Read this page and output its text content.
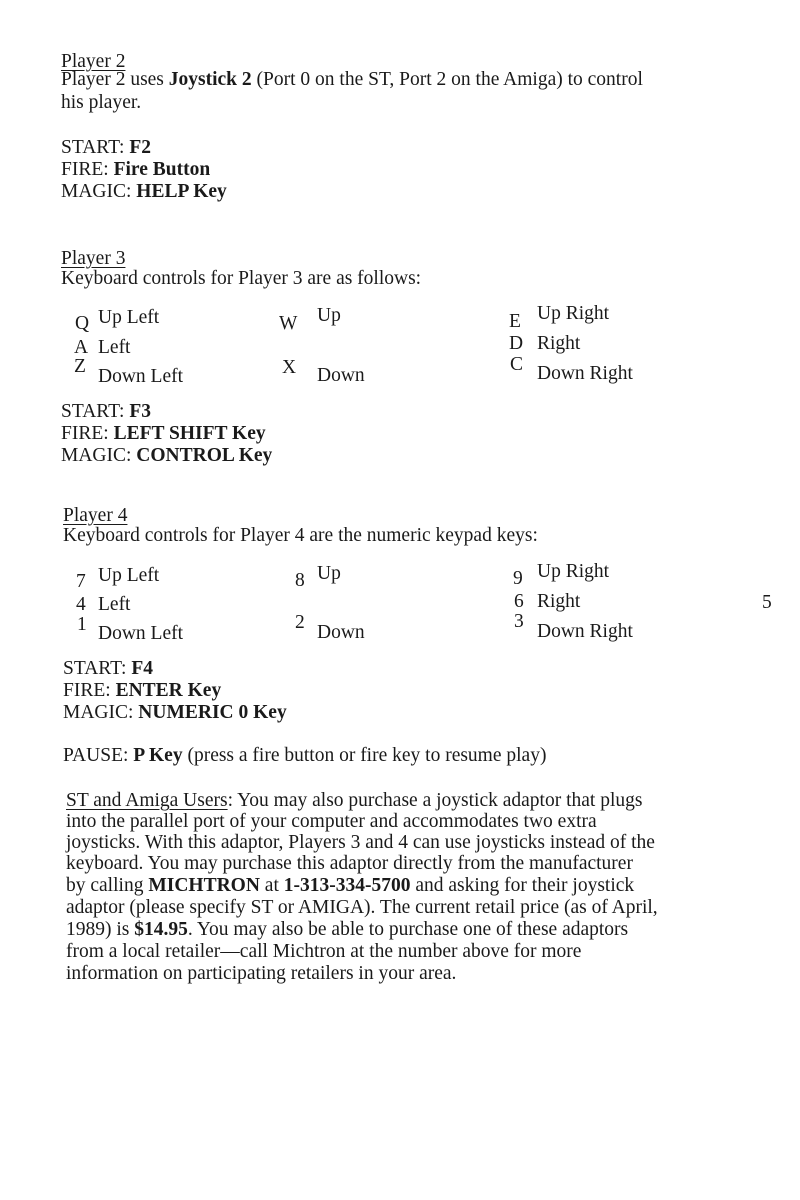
Player 2
Player 2 uses Joystick 2 (Port 0 on the ST, Port 2 on the Amiga) to control
his player.
START: F2
FIRE: Fire Button
MAGIC: HELP Key
Player 3
Keyboard controls for Player 3 are as follows:
Q Up Left
A Left
Z Down Left
W Up
X Down
E Up Right
D Right
C Down Right
START: F3
FIRE: LEFT SHIFT Key
MAGIC: CONTROL Key
Player 4
Keyboard controls for Player 4 are the numeric keypad keys:
7 Up Left
4 Left
1 Down Left
8 Up
2 Down
9 Up Right
6 Right
3 Down Right
5
START: F4
FIRE: ENTER Key
MAGIC: NUMERIC 0 Key
PAUSE: P Key (press a fire button or fire key to resume play)
ST and Amiga Users: You may also purchase a joystick adaptor that plugs
into the parallel port of your computer and accommodates two extra
joysticks. With this adaptor, Players 3 and 4 can use joysticks instead of the
keyboard. You may purchase this adaptor directly from the manufacturer
by calling MICHTRON at 1-313-334-5700 and asking for their joystick
adaptor (please specify ST or AMIGA). The current retail price (as of April,
1989) is $14.95. You may also be able to purchase one of these adaptors
from a local retailer—call Michtron at the number above for more
information on participating retailers in your area.
